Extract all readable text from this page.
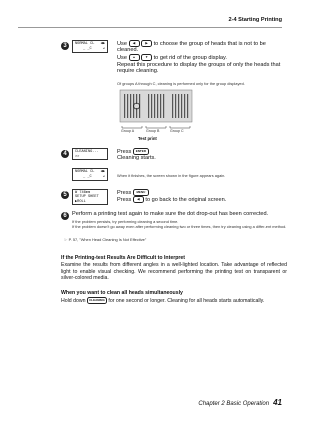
2-4 Starting Printing
3	NORMAL CL ◀▶
_ _C	↵
Use ◀	▶ to choose the group of heads that is not to be cleaned.
Use ▲	▼ to get rid of the group display.
Repeat this procedure to display the groups of only the heads that require cleaning.
Of groups A through C, cleaning is performed only for the group displayed.
Group A	Group B	Group C
Test print
4	CLEANING...
>>
Press ENTER
Cleaning starts.
NORMAL CL ◀▶
_ _C	↵	When it finishes, the screen shown in the figure appears again.
5	W 746mm
SETUP SHEET
▶ROLL
Press MENU
Press ◀ to go back to the original screen.
6 Perform a printing test again to make sure the dot drop-out has been corrected.
If the problem persists, try performing cleaning a second time.
If the problem doesn't go away even after performing cleaning two or three times, then try cleaning using a differ-ent method.
☞ P. 57, "When Head Cleaning Is Not Effective"
If the Printing-test Results Are Difficult to Interpret
Examine the results from different angles in a well-lighted location. Take advantage of reflected light to enable visual checking. We recommend performing the printing test on transparent or silver-colored media.
When you want to clean all heads simultaneously
Hold down CLEANING for one second or longer. Cleaning for all heads starts automatically.
Chapter 2 Basic Operation 41
